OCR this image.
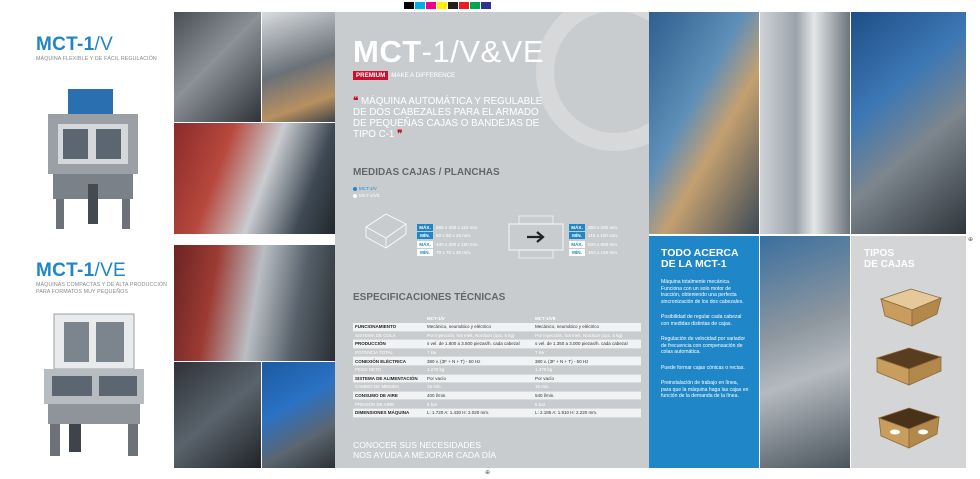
⊕
⊕
MCT-1/V
MÁQUINA FLEXIBLE Y DE FÁCIL REGULACIÓN
MCT-1/VE
MÁQUINAS COMPACTAS Y DE ALTA PRODUCCIÓN
PARA FORMATOS MUY PEQUEÑOS
MCT-1/V&VE
PREMIUM MAKE A DIFFERENCE
❝ MÁQUINA AUTOMÁTICA Y REGULABLE DE DOS CABEZALES PARA EL ARMADO DE PEQUEÑAS CAJAS O BANDEJAS DE TIPO C-1 ❞
MEDIDAS CAJAS / PLANCHAS
MCT-1/V
MCT-1/VE
MÁX.	285 x 200 x 110 mm.
MÍN.	50 x 50 x 25 mm.
MÁX.	440 x 300 x 150 mm.
MÍN.	70 x 70 x 30 mm.
MÁX.	350 x 290 mm.
MÍN.	110 x 100 mm.
MÁX.	600 x 550 mm.
MÍN.	150 x 150 mm.
ESPECIFICACIONES TÉCNICAS
MCT-1/V	MCT-1/VE
FUNCIONAMIENTO	Mecánico, neumático y eléctrico	Mecánico, neumático y eléctrico
SISTEMA DE COLA	Por inyección, hot melt, Nordson (opc. 5 kg)	Por inyección, hot melt, Nordson (opc. 5 kg)
PRODUCCIÓN	s vel. de 1.800 a 3.500 piezas/h. cada cabezal	s vel. de 1.350 a 3.000 piezas/h. cada cabezal
POTENCIA TOTAL	7 kw	7 kw
CONEXIÓN ELÉCTRICA	380 v. (3F + N + T) - 50 Hz	380 v. (3F + N + T) - 50 Hz
PESO NETO	1.270 kg	1.470 kg
SISTEMA DE ALIMENTACIÓN	Por vacío	Por vacío
CAMBIO DE MEDIDA	15 min.	15 min.
CONSUMO DE AIRE	400 l/min.	540 l/min.
PRESIÓN DE AIRE	6 bar	6 bar
DIMENSIONES MÁQUINA	L: 1.720 A: 1.430 H: 2.020 mm.	L: 2.185 A: 1.910 H: 2.220 mm.
CONOCER SUS NECESIDADES
NOS AYUDA A MEJORAR CADA DÍA
TODO ACERCA
DE LA MCT-1

Máquina totalmente mecánica. Funciona con un solo motor de tracción, obteniendo una perfecta sincronización de los dos cabezales.

Posibilidad de regular cada cabezal con medidas distintas de cajas.

Regulación de velocidad por variador de frecuencia con compensación de colas automática.

Puede formar cajas cónicas o rectas.

Preinstalación de trabajo en línea, para que la máquina haga las cajas en función de la demanda de la línea.

TIPOS
DE CAJAS
